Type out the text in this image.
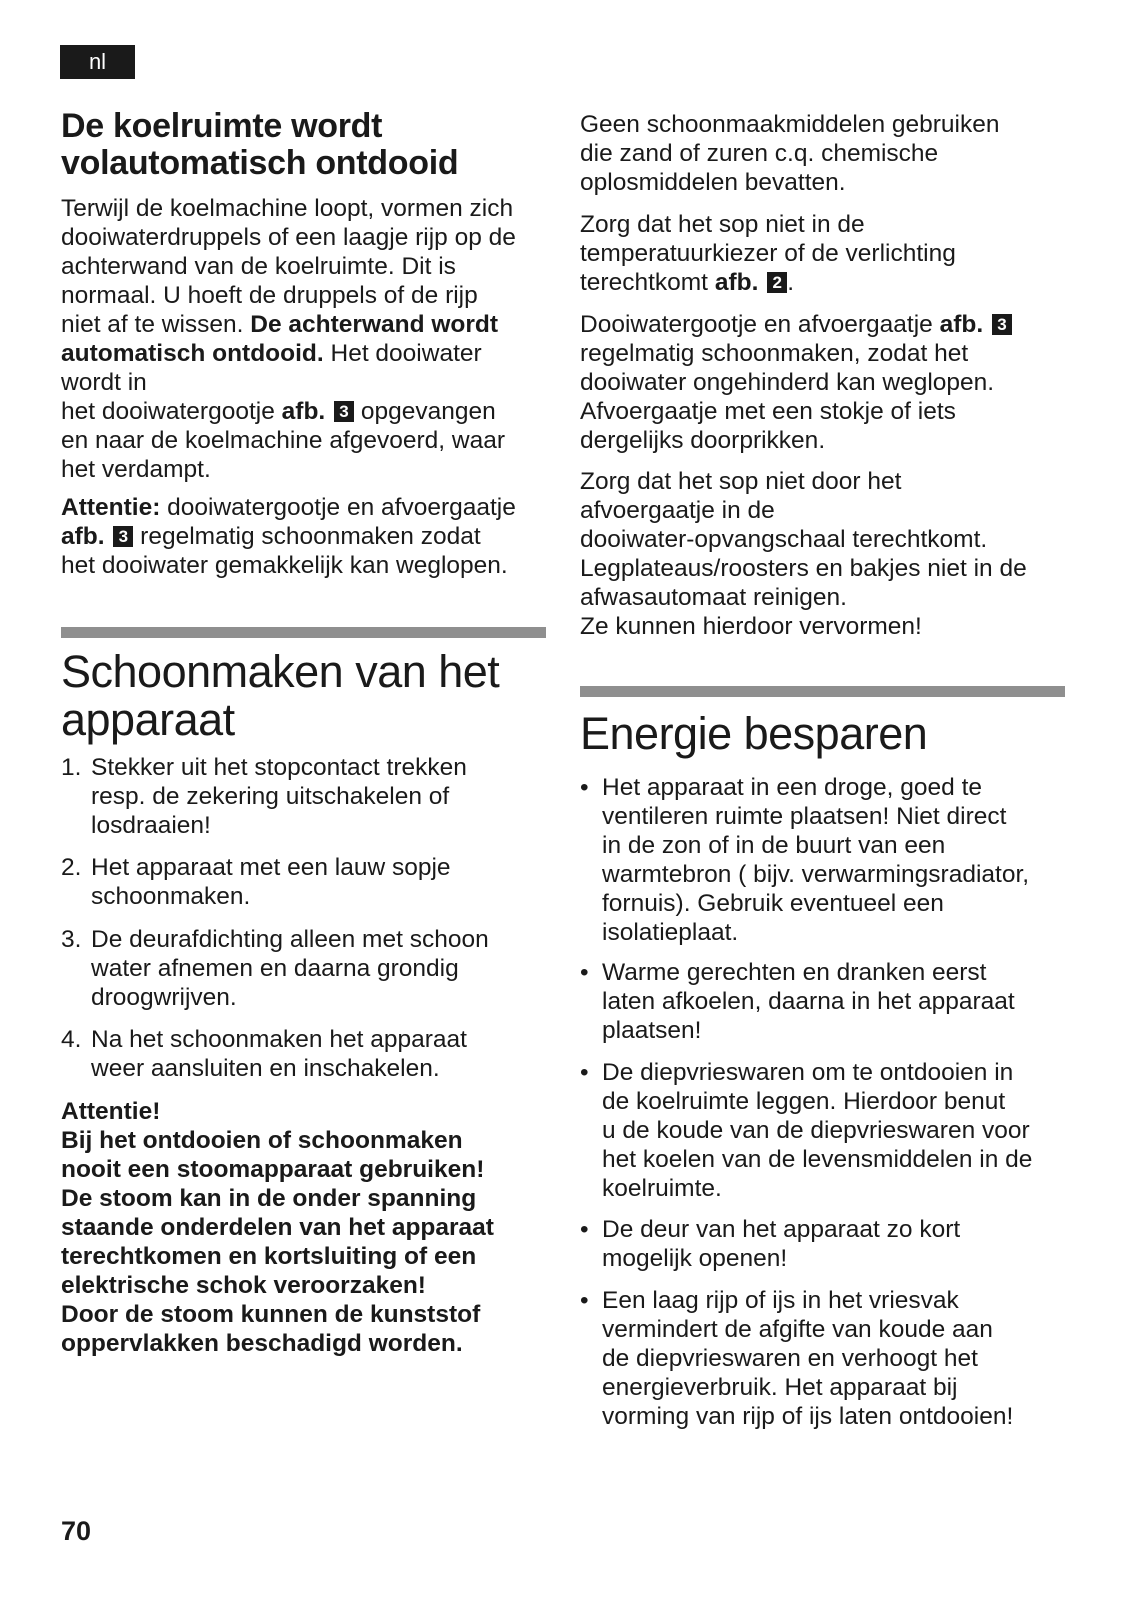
nl
De koelruimte wordt
volautomatisch ontdooid

Terwijl de koelmachine loopt, vormen zich
dooiwaterdruppels of een laagje rijp op de
achterwand van de koelruimte. Dit is
normaal. U hoeft de druppels of de rijp
niet af te wissen. De achterwand wordt
automatisch ontdooid. Het dooiwater
wordt in
het dooiwatergootje afb. 3 opgevangen
en naar de koelmachine afgevoerd, waar
het verdampt.

Attentie: dooiwatergootje en afvoergaatje
afb. 3 regelmatig schoonmaken zodat
het dooiwater gemakkelijk kan weglopen.

Schoonmaken van het
apparaat
1. Stekker uit het stopcontact trekken
resp. de zekering uitschakelen of
losdraaien!
2. Het apparaat met een lauw sopje
schoonmaken.
3. De deurafdichting alleen met schoon
water afnemen en daarna grondig
droogwrijven.
4. Na het schoonmaken het apparaat
weer aansluiten en inschakelen.

Attentie!
Bij het ontdooien of schoonmaken
nooit een stoomapparaat gebruiken!
De stoom kan in de onder spanning
staande onderdelen van het apparaat
terechtkomen en kortsluiting of een
elektrische schok veroorzaken!
Door de stoom kunnen de kunststof
oppervlakken beschadigd worden.

Geen schoonmaakmiddelen gebruiken
die zand of zuren c.q. chemische
oplosmiddelen bevatten.

Zorg dat het sop niet in de
temperatuurkiezer of de verlichting
terechtkomt afb. 2 .

Dooiwatergootje en afvoergaatje afb. 3
regelmatig schoonmaken, zodat het
dooiwater ongehinderd kan weglopen.
Afvoergaatje met een stokje of iets
dergelijks doorprikken.

Zorg dat het sop niet door het
afvoergaatje in de
dooiwater-opvangschaal terechtkomt.
Legplateaus/roosters en bakjes niet in de
afwasautomaat reinigen.
Ze kunnen hierdoor vervormen!

Energie besparen
• Het apparaat in een droge, goed te
ventileren ruimte plaatsen! Niet direct
in de zon of in de buurt van een
warmtebron ( bijv. verwarmingsradiator,
fornuis). Gebruik eventueel een
isolatieplaat.
• Warme gerechten en dranken eerst
laten afkoelen, daarna in het apparaat
plaatsen!
• De diepvrieswaren om te ontdooien in
de koelruimte leggen. Hierdoor benut
u de koude van de diepvrieswaren voor
het koelen van de levensmiddelen in de
koelruimte.
• De deur van het apparaat zo kort
mogelijk openen!
• Een laag rijp of ijs in het vriesvak
vermindert de afgifte van koude aan
de diepvrieswaren en verhoogt het
energieverbruik. Het apparaat bij
vorming van rijp of ijs laten ontdooien!
70
